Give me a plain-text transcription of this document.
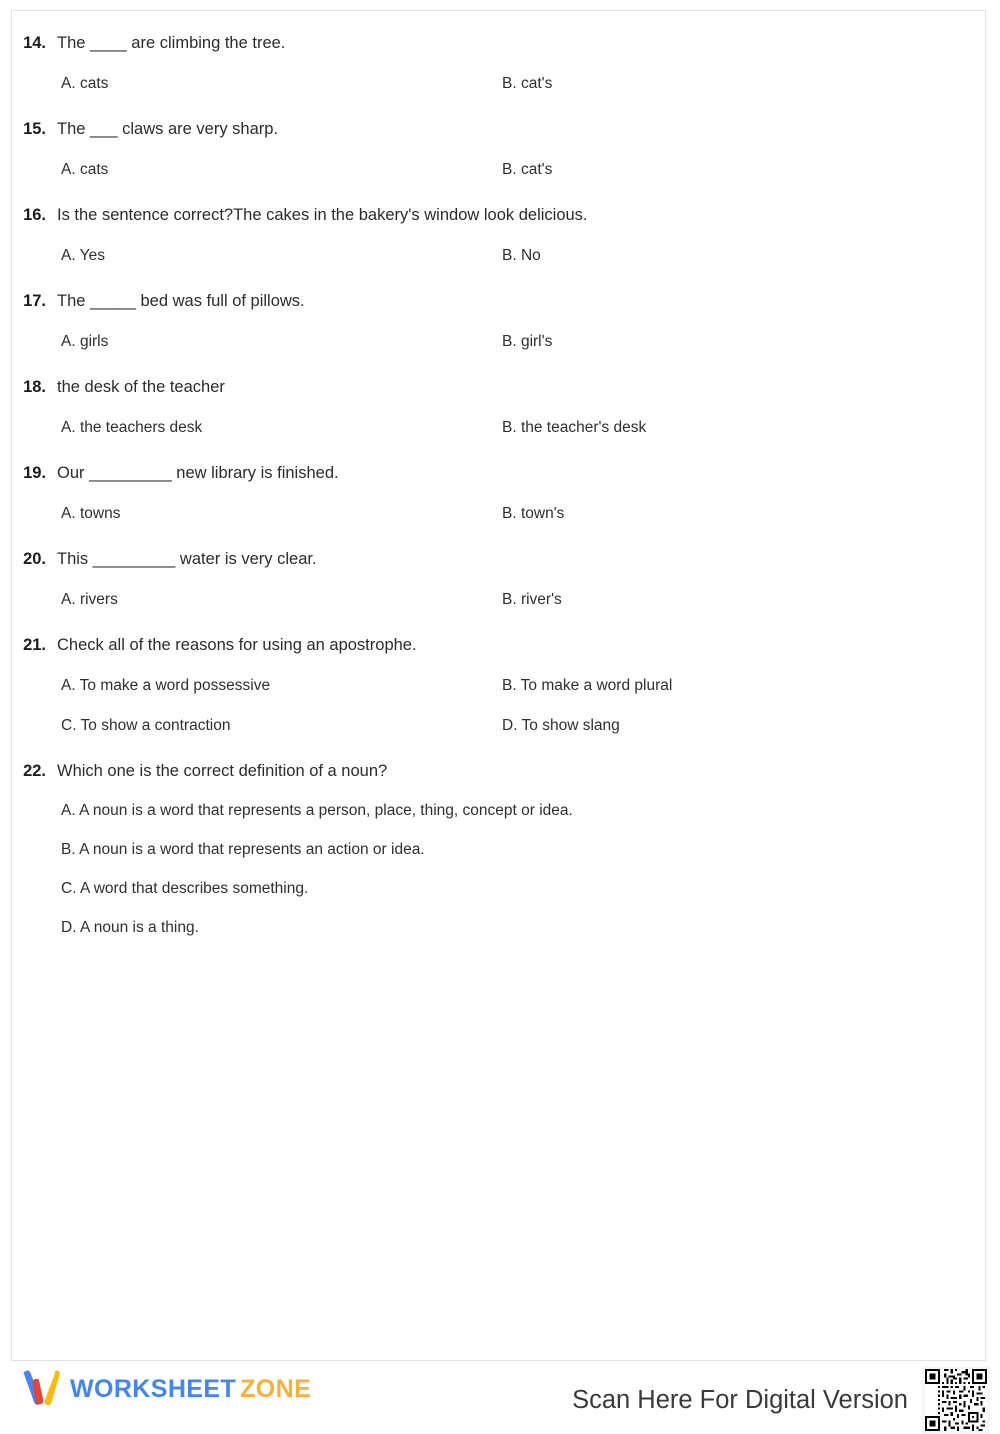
14. The ____ are climbing the tree.
A. cats	B. cat's
15. The ___ claws are very sharp.
A. cats	B. cat's
16. Is the sentence correct?The cakes in the bakery's window look delicious.
A. Yes	B. No
17. The _____ bed was full of pillows.
A. girls	B. girl's
18. the desk of the teacher
A. the teachers desk	B. the teacher's desk
19. Our _________ new library is finished.
A. towns	B. town's
20. This _________ water is very clear.
A. rivers	B. river's
21. Check all of the reasons for using an apostrophe.
A. To make a word possessive	B. To make a word plural
C. To show a contraction	D. To show slang
22. Which one is the correct definition of a noun?
A. A noun is a word that represents a person, place, thing, concept or idea.
B. A noun is a word that represents an action or idea.
C. A word that describes something.
D. A noun is a thing.
WORKSHEET ZONE	Scan Here For Digital Version
